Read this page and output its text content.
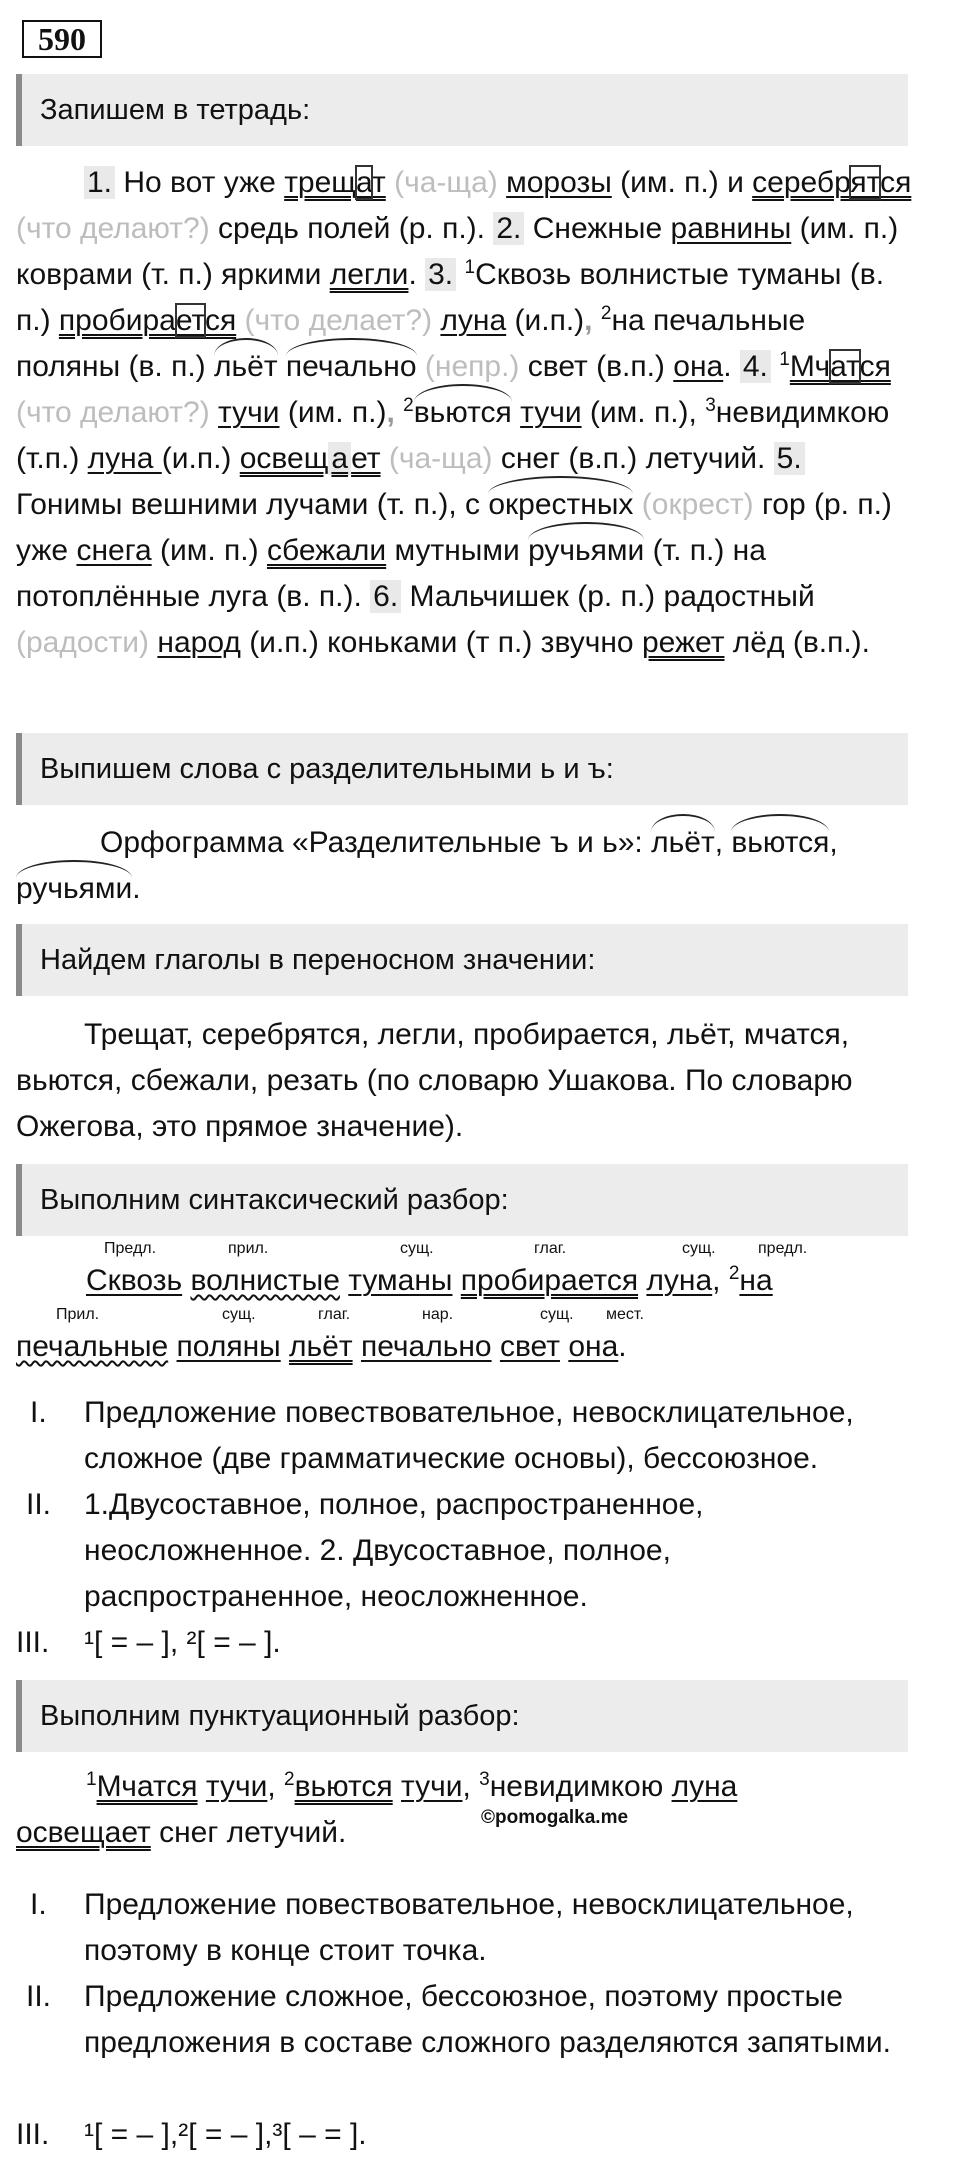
590
Запишем в тетрадь:
1. Но вот уже трещат (ча-ща) морозы (им. п.) и серебрятся (что делают?) средь полей (р. п.). 2. Снежные равнины (им. п.) коврами (т. п.) яркими легли. 3. $^1$Сквозь волнистые туманы (в. п.) пробирается (что делает?) луна (и.п.), $^2$на печальные поляны (в. п.) льёт печально (непр.) свет (в.п.) она. 4. $^1$Мчатся (что делают?) тучи (им. п.), $^2$вьются тучи (им. п.), $^3$невидимкою (т.п.) луна (и.п.) освещ а ет (ча-ща) снег (в.п.) летучий. 5. Гонимы вешними лучами (т. п.), с окрестных (окрест) гор (р. п.) уже снега (им. п.) сбежали мутными ручьями (т. п.) на потоплённые луга (в. п.). 6. Мальчишек (р. п.) радостный (радости) народ (и.п.) коньками (т п.) звучно режет лёд (в.п.).
Выпишем слова с разделительными ь и ъ:
Орфограмма «Разделительные ъ и ь»: льёт, вьются, ручьями.
Найдем глаголы в переносном значении:
Трещат, серебрятся, легли, пробирается, льёт, мчатся, вьются, сбежали, резать (по словарю Ушакова. По словарю Ожегова, это прямое значение).
Выполним синтаксический разбор:
Предл.	прил.	сущ.	глаг.	сущ.	предл.
Сквозь волнистые туманы пробирается луна, $^2$на
Прил.	сущ.	глаг.	нар.	сущ. мест.
печальные поляны льёт печально свет она.
I. Предложение повествовательное, невосклицательное, сложное (две грамматические основы), бессоюзное.
II. 1.Двусоставное, полное, распространенное, неосложненное. 2. Двусоставное, полное, распространенное, неосложненное.
III. ¹[ = – ], ²[ = – ].
Выполним пунктуационный разбор:
$^1$Мчатся тучи, $^2$вьются тучи, $^3$невидимкою луна
освещает снег летучий.	©pomogalka.me
I. Предложение повествовательное, невосклицательное, поэтому в конце стоит точка.
II. Предложение сложное, бессоюзное, поэтому простые предложения в составе сложного разделяются запятыми.
III. ¹[ = – ],²[ = – ],³[ – = ].
